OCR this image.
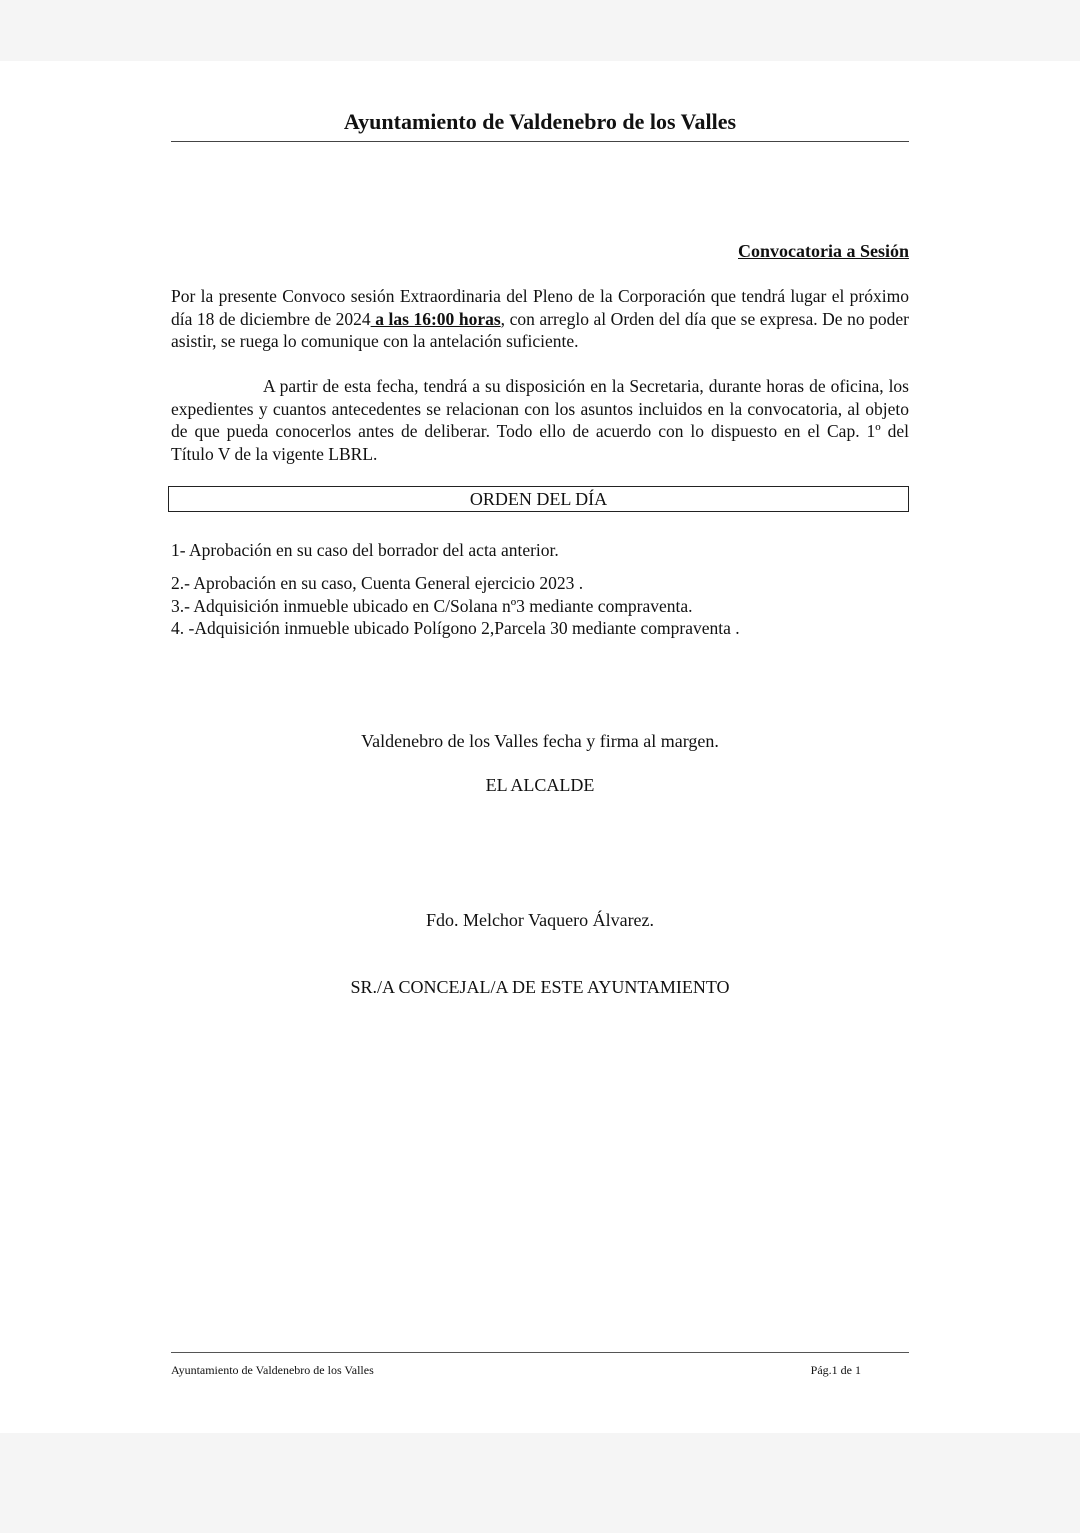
Ayuntamiento de Valdenebro de los Valles
Convocatoria a Sesión

Por la presente Convoco sesión Extraordinaria del Pleno de la Corporación que tendrá lugar el próximo día 18 de diciembre de 2024 a las 16:00 horas, con arreglo al Orden del día que se expresa. De no poder asistir, se ruega lo comunique con la antelación suficiente.

A partir de esta fecha, tendrá a su disposición en la Secretaria, durante horas de oficina, los expedientes y cuantos antecedentes se relacionan con los asuntos incluidos en la convocatoria, al objeto de que pueda conocerlos antes de deliberar. Todo ello de acuerdo con lo dispuesto en el Cap. 1º del Título V de la vigente LBRL.

ORDEN DEL DÍA
1- Aprobación en su caso del borrador del acta anterior.
2.- Aprobación en su caso, Cuenta General ejercicio 2023 .
3.- Adquisición inmueble ubicado en C/Solana nº3 mediante compraventa.
4. -Adquisición inmueble ubicado Polígono 2,Parcela 30 mediante compraventa .
Valdenebro de los Valles fecha y firma al margen.
EL ALCALDE
Fdo. Melchor Vaquero Álvarez.
SR./A CONCEJAL/A DE ESTE AYUNTAMIENTO
Ayuntamiento de Valdenebro de los Valles	Pág.1 de 1
